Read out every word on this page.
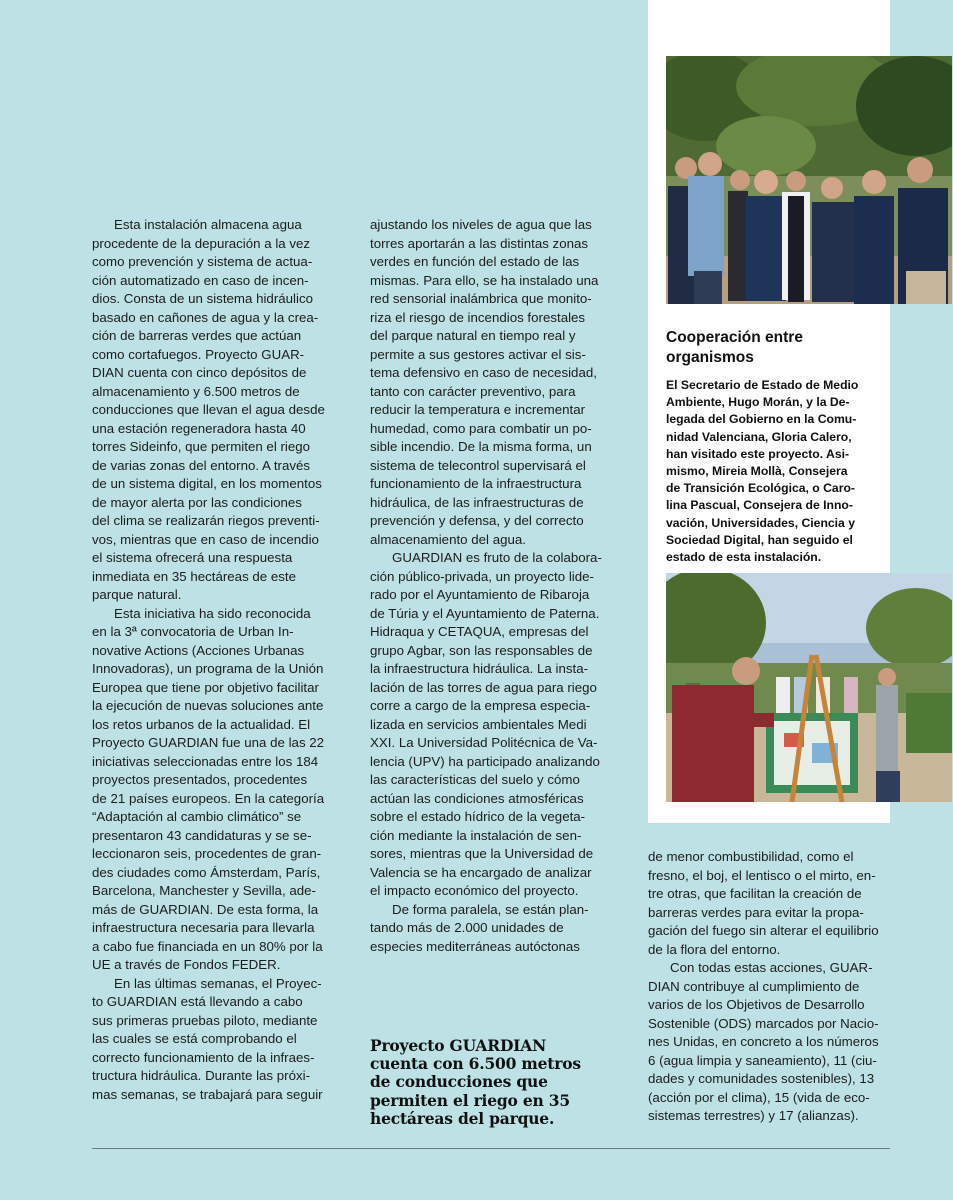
Cooperación entre
organismos

El Secretario de Estado de Medio

Ambiente, Hugo Morán, y la De-

legada del Gobierno en la Comu-

nidad Valenciana, Gloria Calero,

han visitado este proyecto. Asi-

mismo, Mireia Mollà, Consejera

de Transición Ecológica, o Caro-

lina Pascual, Consejera de Inno-

vación, Universidades, Ciencia y

Sociedad Digital, han seguido el

estado de esta instalación.

Esta instalación almacena agua

procedente de la depuración a la vez

como prevención y sistema de actua-

ción automatizado en caso de incen-

dios. Consta de un sistema hidráulico

basado en cañones de agua y la crea-

ción de barreras verdes que actúan

como cortafuegos. Proyecto GUAR-

DIAN cuenta con cinco depósitos de

almacenamiento y 6.500 metros de

conducciones que llevan el agua desde

una estación regeneradora hasta 40

torres Sideinfo, que permiten el riego

de varias zonas del entorno. A través

de un sistema digital, en los momentos

de mayor alerta por las condiciones

del clima se realizarán riegos preventi-

vos, mientras que en caso de incendio

el sistema ofrecerá una respuesta

inmediata en 35 hectáreas de este

parque natural.

Esta iniciativa ha sido reconocida

en la 3ª convocatoria de Urban In-

novative Actions (Acciones Urbanas

Innovadoras), un programa de la Unión

Europea que tiene por objetivo facilitar

la ejecución de nuevas soluciones ante

los retos urbanos de la actualidad. El

Proyecto GUARDIAN fue una de las 22

iniciativas seleccionadas entre los 184

proyectos presentados, procedentes

de 21 países europeos. En la categoría

“Adaptación al cambio climático” se

presentaron 43 candidaturas y se se-

leccionaron seis, procedentes de gran-

des ciudades como Ámsterdam, París,

Barcelona, Manchester y Sevilla, ade-

más de GUARDIAN. De esta forma, la

infraestructura necesaria para llevarla

a cabo fue financiada en un 80% por la

UE a través de Fondos FEDER.

En las últimas semanas, el Proyec-

to GUARDIAN está llevando a cabo

sus primeras pruebas piloto, mediante

las cuales se está comprobando el

correcto funcionamiento de la infraes-

tructura hidráulica. Durante las próxi-

mas semanas, se trabajará para seguir

ajustando los niveles de agua que las

torres aportarán a las distintas zonas

verdes en función del estado de las

mismas. Para ello, se ha instalado una

red sensorial inalámbrica que monito-

riza el riesgo de incendios forestales

del parque natural en tiempo real y

permite a sus gestores activar el sis-

tema defensivo en caso de necesidad,

tanto con carácter preventivo, para

reducir la temperatura e incrementar

humedad, como para combatir un po-

sible incendio. De la misma forma, un

sistema de telecontrol supervisará el

funcionamiento de la infraestructura

hidráulica, de las infraestructuras de

prevención y defensa, y del correcto

almacenamiento del agua.

GUARDIAN es fruto de la colabora-

ción público-privada, un proyecto lide-

rado por el Ayuntamiento de Ribaroja

de Túria y el Ayuntamiento de Paterna.

Hidraqua y CETAQUA, empresas del

grupo Agbar, son las responsables de

la infraestructura hidráulica. La insta-

lación de las torres de agua para riego

corre a cargo de la empresa especia-

lizada en servicios ambientales Medi

XXI. La Universidad Politécnica de Va-

lencia (UPV) ha participado analizando

las características del suelo y cómo

actúan las condiciones atmosféricas

sobre el estado hídrico de la vegeta-

ción mediante la instalación de sen-

sores, mientras que la Universidad de

Valencia se ha encargado de analizar

el impacto económico del proyecto.

De forma paralela, se están plan-

tando más de 2.000 unidades de

especies mediterráneas autóctonas

Proyecto GUARDIAN

cuenta con 6.500 metros

de conducciones que

permiten el riego en 35

hectáreas del parque.

de menor combustibilidad, como el

fresno, el boj, el lentisco o el mirto, en-

tre otras, que facilitan la creación de

barreras verdes para evitar la propa-

gación del fuego sin alterar el equilibrio

de la flora del entorno.

Con todas estas acciones, GUAR-

DIAN contribuye al cumplimiento de

varios de los Objetivos de Desarrollo

Sostenible (ODS) marcados por Nacio-

nes Unidas, en concreto a los números

6 (agua limpia y saneamiento), 11 (ciu-

dades y comunidades sostenibles), 13

(acción por el clima), 15 (vida de eco-

sistemas terrestres) y 17 (alianzas).
